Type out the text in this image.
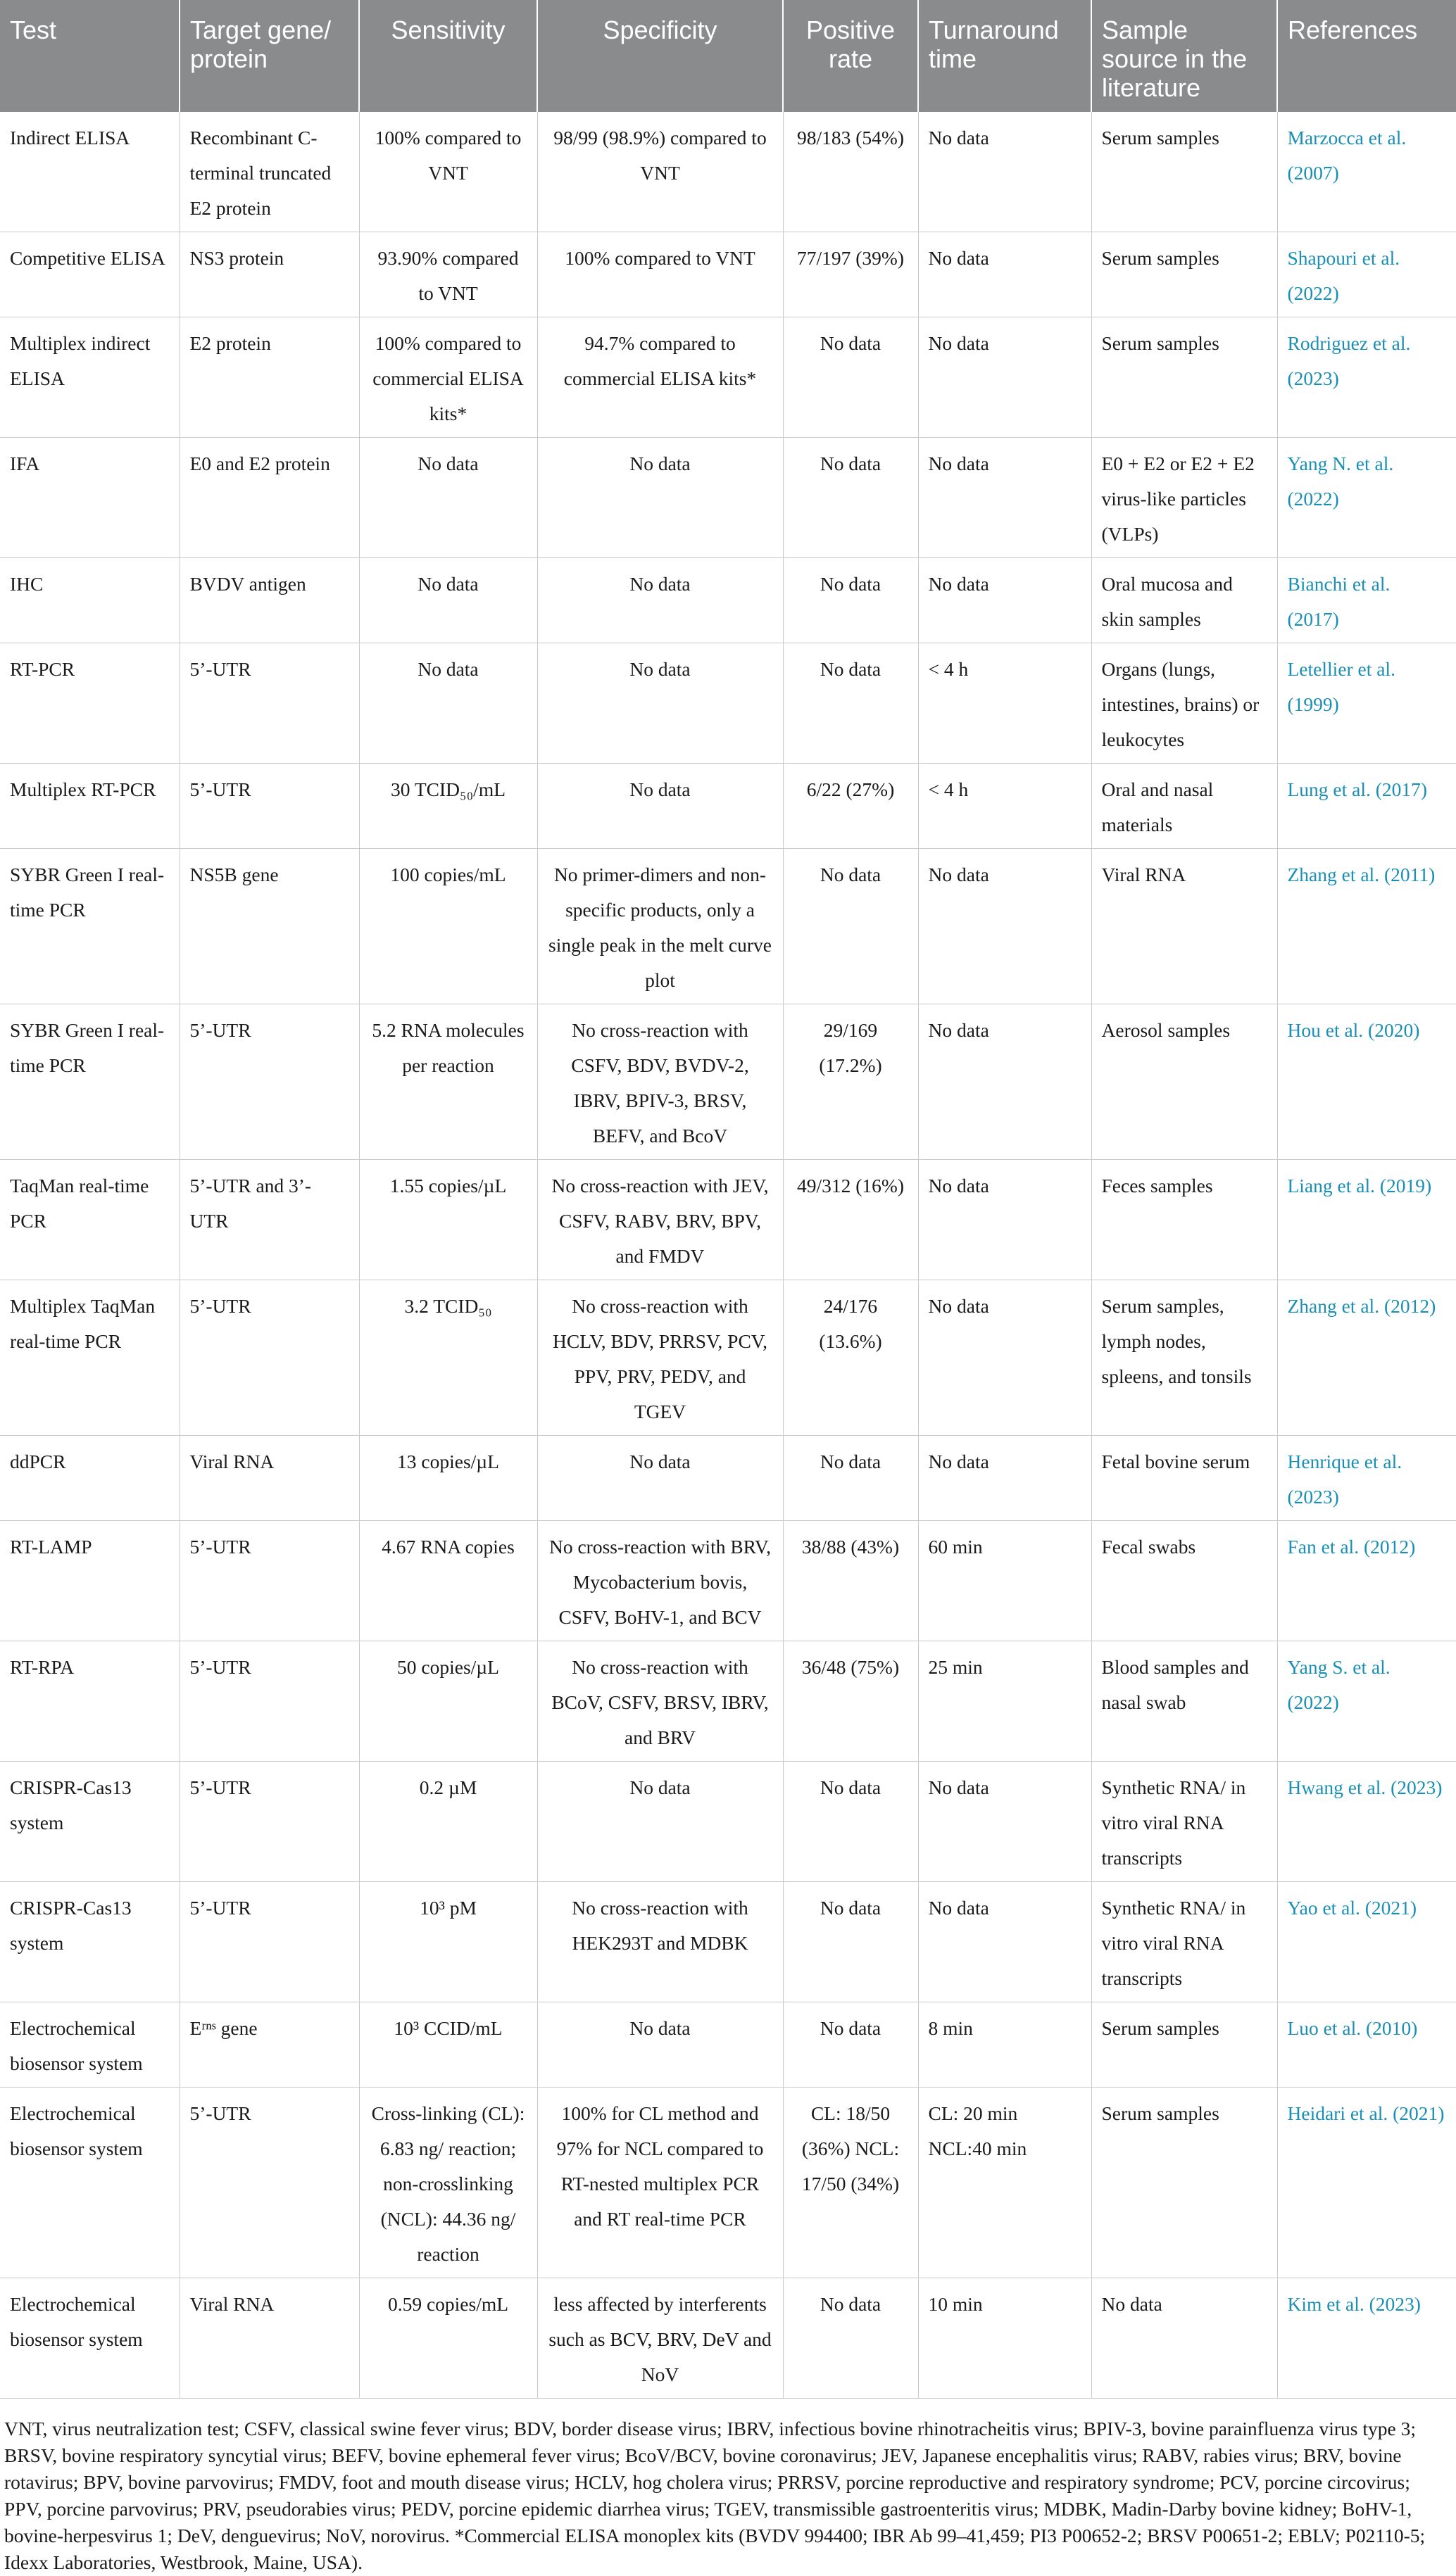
Test	Target gene/ protein	Sensitivity	Specificity	Positive rate	Turnaround time	Sample source in the literature	References
Indirect ELISA	Recombinant C-terminal truncated E2 protein	100% compared to VNT	98/99 (98.9%) compared to VNT	98/183 (54%)	No data	Serum samples	Marzocca et al. (2007)
Competitive ELISA	NS3 protein	93.90% compared to VNT	100% compared to VNT	77/197 (39%)	No data	Serum samples	Shapouri et al. (2022)
Multiplex indirect ELISA	E2 protein	100% compared to commercial ELISA kits*	94.7% compared to commercial ELISA kits*	No data	No data	Serum samples	Rodriguez et al. (2023)
IFA	E0 and E2 protein	No data	No data	No data	No data	E0 + E2 or E2 + E2 virus-like particles (VLPs)	Yang N. et al. (2022)
IHC	BVDV antigen	No data	No data	No data	No data	Oral mucosa and skin samples	Bianchi et al. (2017)
RT-PCR	5’-UTR	No data	No data	No data	< 4 h	Organs (lungs, intestines, brains) or leukocytes	Letellier et al. (1999)
Multiplex RT-PCR	5’-UTR	30 TCID₅₀/mL	No data	6/22 (27%)	< 4 h	Oral and nasal materials	Lung et al. (2017)
SYBR Green I real-time PCR	NS5B gene	100 copies/mL	No primer-dimers and non-specific products, only a single peak in the melt curve plot	No data	No data	Viral RNA	Zhang et al. (2011)
SYBR Green I real-time PCR	5’-UTR	5.2 RNA molecules per reaction	No cross-reaction with CSFV, BDV, BVDV-2, IBRV, BPIV-3, BRSV, BEFV, and BcoV	29/169 (17.2%)	No data	Aerosol samples	Hou et al. (2020)
TaqMan real-time PCR	5’-UTR and 3’-UTR	1.55 copies/µL	No cross-reaction with JEV, CSFV, RABV, BRV, BPV, and FMDV	49/312 (16%)	No data	Feces samples	Liang et al. (2019)
Multiplex TaqMan real-time PCR	5’-UTR	3.2 TCID₅₀	No cross-reaction with HCLV, BDV, PRRSV, PCV, PPV, PRV, PEDV, and TGEV	24/176 (13.6%)	No data	Serum samples, lymph nodes, spleens, and tonsils	Zhang et al. (2012)
ddPCR	Viral RNA	13 copies/µL	No data	No data	No data	Fetal bovine serum	Henrique et al. (2023)
RT-LAMP	5’-UTR	4.67 RNA copies	No cross-reaction with BRV, Mycobacterium bovis, CSFV, BoHV-1, and BCV	38/88 (43%)	60 min	Fecal swabs	Fan et al. (2012)
RT-RPA	5’-UTR	50 copies/µL	No cross-reaction with BCoV, CSFV, BRSV, IBRV, and BRV	36/48 (75%)	25 min	Blood samples and nasal swab	Yang S. et al. (2022)
CRISPR-Cas13 system	5’-UTR	0.2 µM	No data	No data	No data	Synthetic RNA/ in vitro viral RNA transcripts	Hwang et al. (2023)
CRISPR-Cas13 system	5’-UTR	10³ pM	No cross-reaction with HEK293T and MDBK	No data	No data	Synthetic RNA/ in vitro viral RNA transcripts	Yao et al. (2021)
Electrochemical biosensor system	Eʳⁿˢ gene	10³ CCID/mL	No data	No data	8 min	Serum samples	Luo et al. (2010)
Electrochemical biosensor system	5’-UTR	Cross-linking (CL): 6.83 ng/ reaction; non-crosslinking (NCL): 44.36 ng/ reaction	100% for CL method and 97% for NCL compared to RT-nested multiplex PCR and RT real-time PCR	CL: 18/50 (36%) NCL: 17/50 (34%)	CL: 20 min NCL:40 min	Serum samples	Heidari et al. (2021)
Electrochemical biosensor system	Viral RNA	0.59 copies/mL	less affected by interferents such as BCV, BRV, DeV and NoV	No data	10 min	No data	Kim et al. (2023)
VNT, virus neutralization test; CSFV, classical swine fever virus; BDV, border disease virus; IBRV, infectious bovine rhinotracheitis virus; BPIV-3, bovine parainfluenza virus type 3; BRSV, bovine respiratory syncytial virus; BEFV, bovine ephemeral fever virus; BcoV/BCV, bovine coronavirus; JEV, Japanese encephalitis virus; RABV, rabies virus; BRV, bovine rotavirus; BPV, bovine parvovirus; FMDV, foot and mouth disease virus; HCLV, hog cholera virus; PRRSV, porcine reproductive and respiratory syndrome; PCV, porcine circovirus; PPV, porcine parvovirus; PRV, pseudorabies virus; PEDV, porcine epidemic diarrhea virus; TGEV, transmissible gastroenteritis virus; MDBK, Madin-Darby bovine kidney; BoHV-1, bovine-herpesvirus 1; DeV, denguevirus; NoV, norovirus. *Commercial ELISA monoplex kits (BVDV 994400; IBR Ab 99–41,459; PI3 P00652-2; BRSV P00651-2; EBLV; P02110-5; Idexx Laboratories, Westbrook, Maine, USA).
